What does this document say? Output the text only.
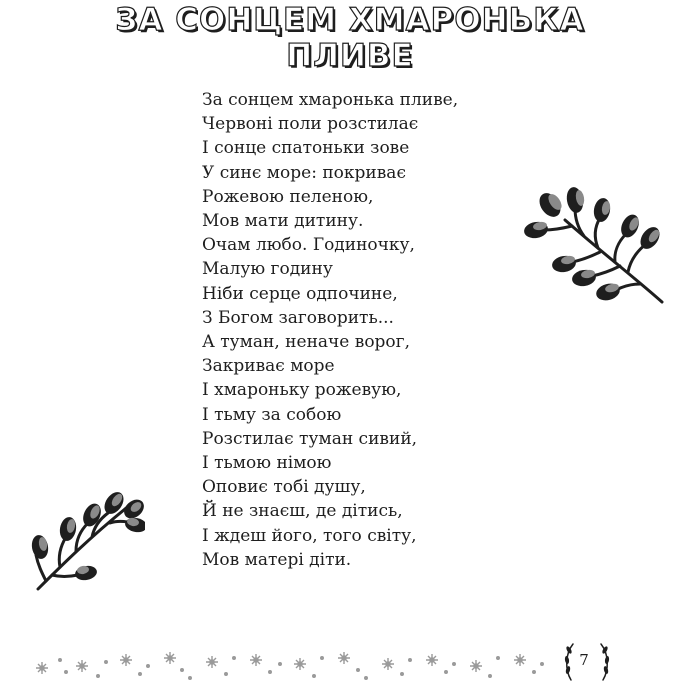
ЗА СОНЦЕМ ХМАРОНЬКА
ПЛИВЕ
За сонцем хмаронька пливе,
Червоні поли розстилає
І сонце спатоньки зове
У синє море: покриває
Рожевою пеленою,
Мов мати дитину.
Очам любо. Годиночку,
Малую годину
Ніби серце одпочине,
З Богом заговорить...
А туман, неначе ворог,
Закриває море
І хмароньку рожевую,
І тьму за собою
Розстилає туман сивий,
І тьмою німою
Оповиє тобі душу,
Й не знаєш, де дітись,
І ждеш його, того світу,
Мов матері діти.
7
